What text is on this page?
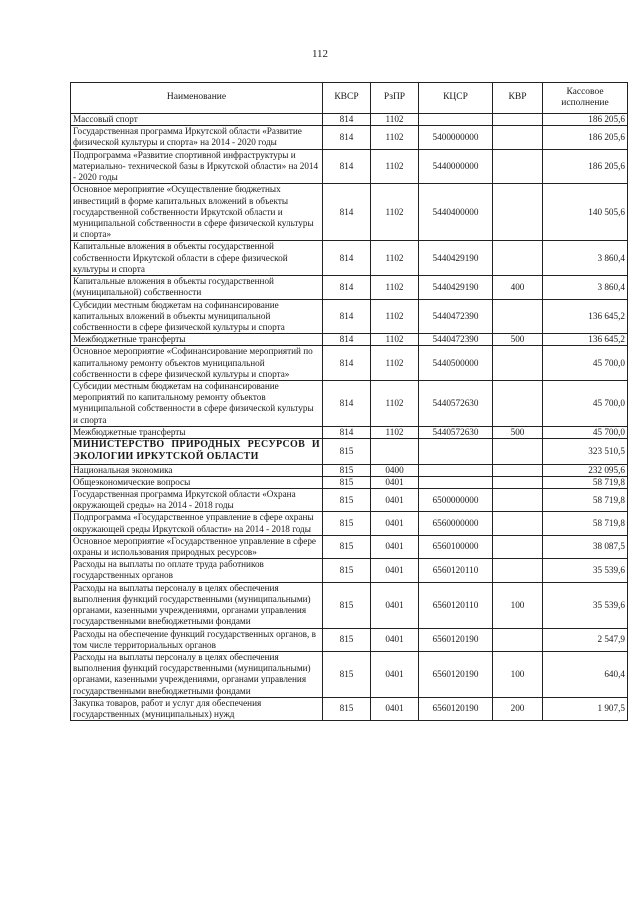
112
Наименование	КВСР	РзПР	КЦСР	КВР	Кассовое исполнение
Массовый спорт	814	1102			186 205,6
Государственная программа Иркутской области «Развитие физической культуры и спорта» на 2014 - 2020 годы	814	1102	5400000000		186 205,6
Подпрограмма «Развитие спортивной инфраструктуры и материально- технической базы в Иркутской области» на 2014 - 2020 годы	814	1102	5440000000		186 205,6
Основное мероприятие «Осуществление бюджетных инвестиций в форме капитальных вложений в объекты государственной собственности Иркутской области и муниципальной собственности в сфере физической культуры и спорта»	814	1102	5440400000		140 505,6
Капитальные вложения в объекты государственной собственности Иркутской области в сфере физической культуры и спорта	814	1102	5440429190		3 860,4
Капитальные вложения в объекты государственной (муниципальной) собственности	814	1102	5440429190	400	3 860,4
Субсидии местным бюджетам на софинансирование капитальных вложений в объекты муниципальной собственности в сфере физической культуры и спорта	814	1102	5440472390		136 645,2
Межбюджетные трансферты	814	1102	5440472390	500	136 645,2
Основное мероприятие «Софинансирование мероприятий по капитальному ремонту объектов муниципальной собственности в сфере физической культуры и спорта»	814	1102	5440500000		45 700,0
Субсидии местным бюджетам на софинансирование мероприятий по капитальному ремонту объектов муниципальной собственности в сфере физической культуры и спорта	814	1102	5440572630		45 700,0
Межбюджетные трансферты	814	1102	5440572630	500	45 700,0
МИНИСТЕРСТВО ПРИРОДНЫХ РЕСУРСОВ И ЭКОЛОГИИ ИРКУТСКОЙ ОБЛАСТИ	815				323 510,5
Национальная экономика	815	0400			232 095,6
Общеэкономические вопросы	815	0401			58 719,8
Государственная программа Иркутской области «Охрана окружающей среды» на 2014 - 2018 годы	815	0401	6500000000		58 719,8
Подпрограмма «Государственное управление в сфере охраны окружающей среды Иркутской области» на 2014 - 2018 годы	815	0401	6560000000		58 719,8
Основное мероприятие «Государственное управление в сфере охраны и использования природных ресурсов»	815	0401	6560100000		38 087,5
Расходы на выплаты по оплате труда работников государственных органов	815	0401	6560120110		35 539,6
Расходы на выплаты персоналу в целях обеспечения выполнения функций государственными (муниципальными) органами, казенными учреждениями, органами управления государственными внебюджетными фондами	815	0401	6560120110	100	35 539,6
Расходы на обеспечение функций государственных органов, в том числе территориальных органов	815	0401	6560120190		2 547,9
Расходы на выплаты персоналу в целях обеспечения выполнения функций государственными (муниципальными) органами, казенными учреждениями, органами управления государственными внебюджетными фондами	815	0401	6560120190	100	640,4
Закупка товаров, работ и услуг для обеспечения государственных (муниципальных) нужд	815	0401	6560120190	200	1 907,5
